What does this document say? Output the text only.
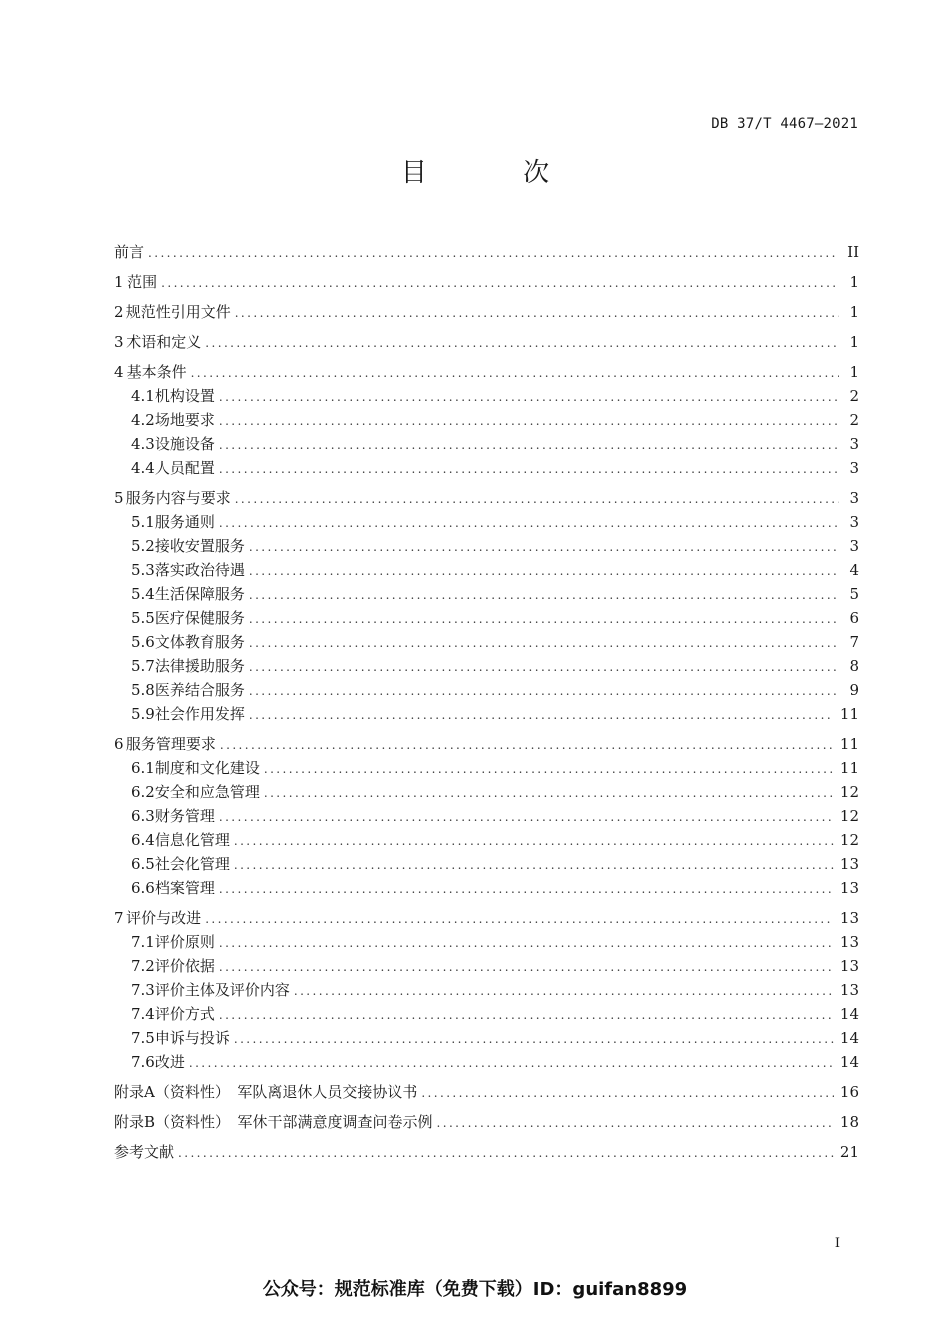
DB 37/T 4467—2021
目 次
前言 .....	II
1 范围 .....	1
2 规范性引用文件 .....	1
3 术语和定义 .....	1
4 基本条件 .....	1
4.1 机构设置 .....	2
4.2 场地要求 .....	2
4.3 设施设备 .....	3
4.4 人员配置 .....	3
5 服务内容与要求 .....	3
5.1 服务通则 .....	3
5.2 接收安置服务 .....	3
5.3 落实政治待遇 .....	4
5.4 生活保障服务 .....	5
5.5 医疗保健服务 .....	6
5.6 文体教育服务 .....	7
5.7 法律援助服务 .....	8
5.8 医养结合服务 .....	9
5.9 社会作用发挥 .....	11
6 服务管理要求 .....	11
6.1 制度和文化建设 .....	11
6.2 安全和应急管理 .....	12
6.3 财务管理 .....	12
6.4 信息化管理 .....	12
6.5 社会化管理 .....	13
6.6 档案管理 .....	13
7 评价与改进 .....	13
7.1 评价原则 .....	13
7.2 评价依据 .....	13
7.3 评价主体及评价内容 .....	13
7.4 评价方式 .....	14
7.5 申诉与投诉 .....	14
7.6 改进 .....	14
附录A（资料性）　军队离退休人员交接协议书 .....	16
附录B（资料性）　军休干部满意度调查问卷示例 .....	18
参考文献 .....	21
I
公众号：规范标准库（免费下载）ID：guifan8899
